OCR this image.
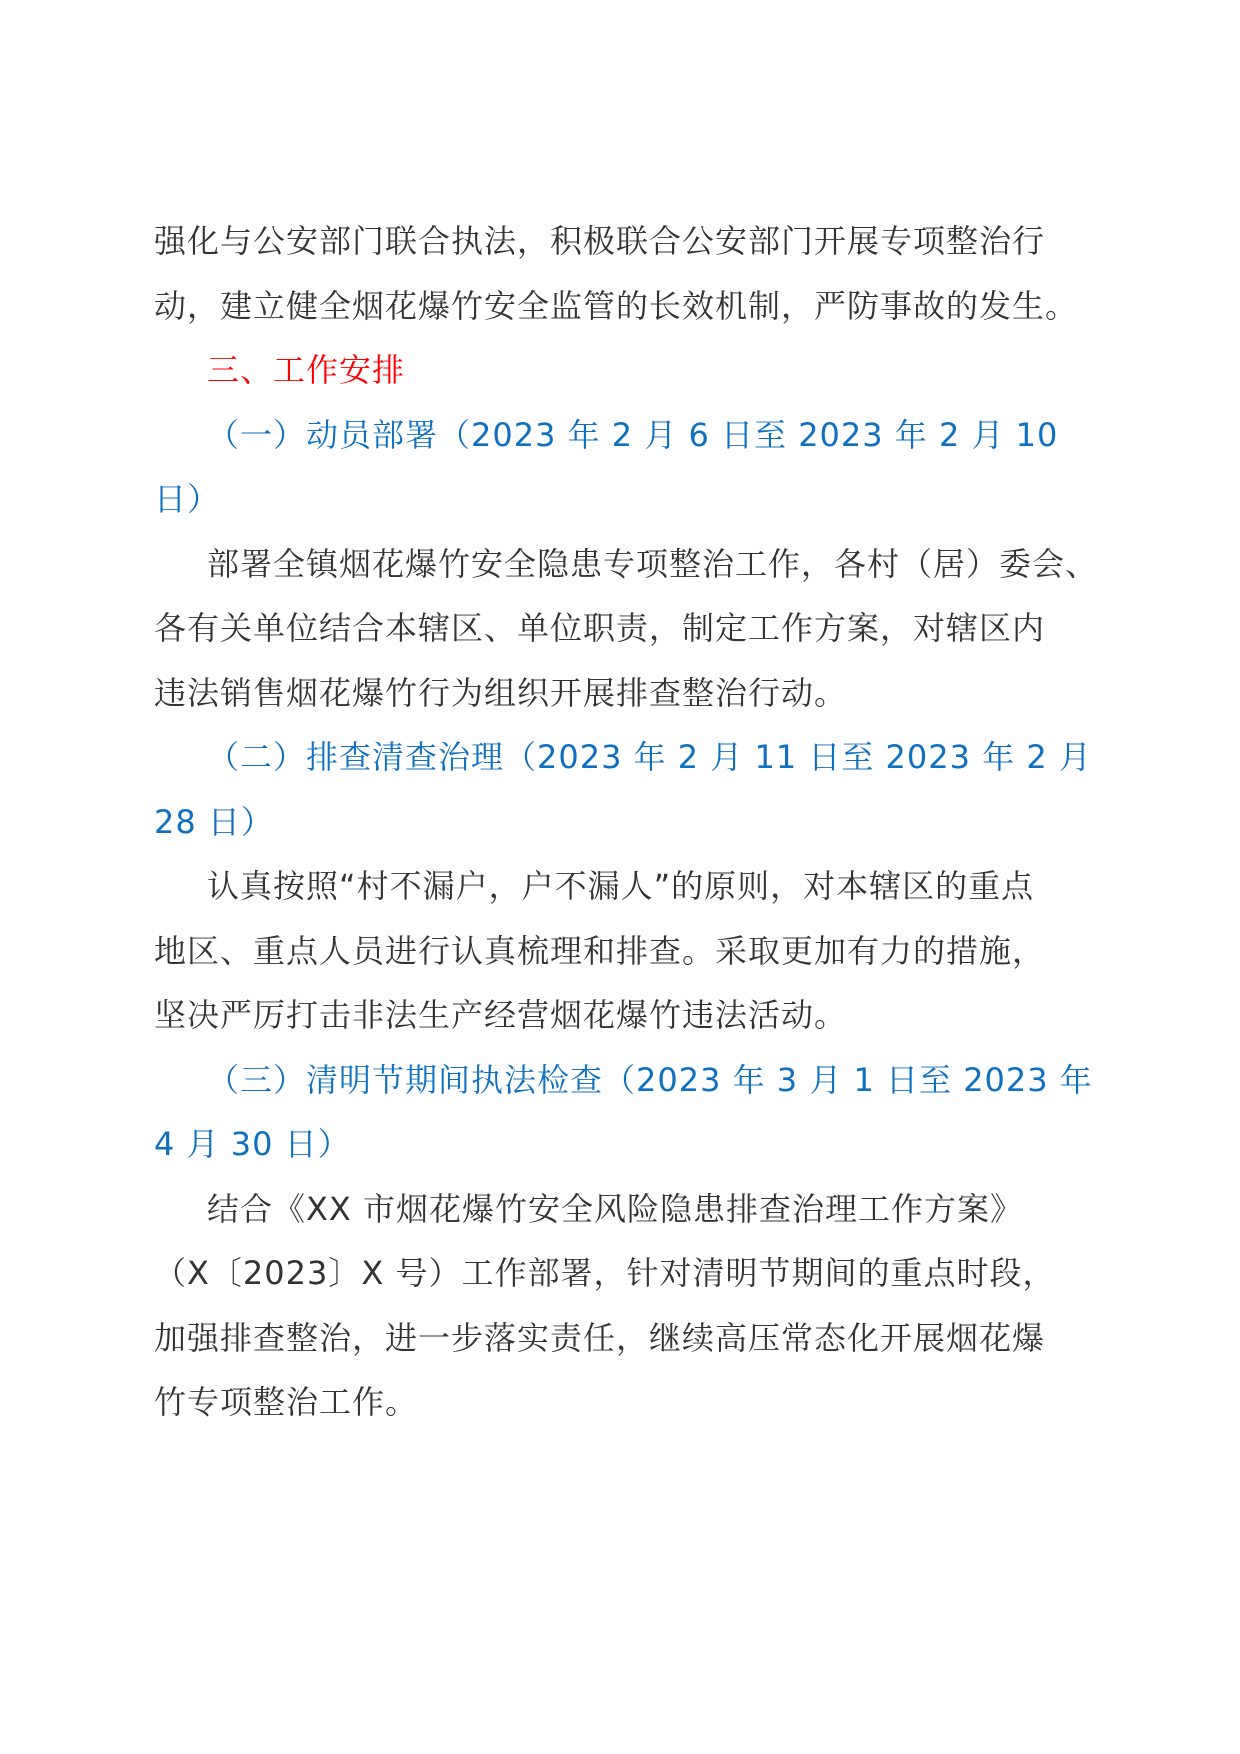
强化与公安部门联合执法，积极联合公安部门开展专项整治行
动，建立健全烟花爆竹安全监管的长效机制，严防事故的发生。
三、工作安排
（一）动员部署（2023 年 2 月 6 日至 2023 年 2 月 10
日）
部署全镇烟花爆竹安全隐患专项整治工作，各村（居）委会、
各有关单位结合本辖区、单位职责，制定工作方案，对辖区内
违法销售烟花爆竹行为组织开展排查整治行动。
（二）排查清查治理（2023 年 2 月 11 日至 2023 年 2 月
28 日）
认真按照“村不漏户，户不漏人”的原则，对本辖区的重点
地区、重点人员进行认真梳理和排查。采取更加有力的措施，
坚决严厉打击非法生产经营烟花爆竹违法活动。
（三）清明节期间执法检查（2023 年 3 月 1 日至 2023 年
4 月 30 日）
结合《XX 市烟花爆竹安全风险隐患排查治理工作方案》
（X〔2023〕X 号）工作部署，针对清明节期间的重点时段，
加强排查整治，进一步落实责任，继续高压常态化开展烟花爆
竹专项整治工作。
